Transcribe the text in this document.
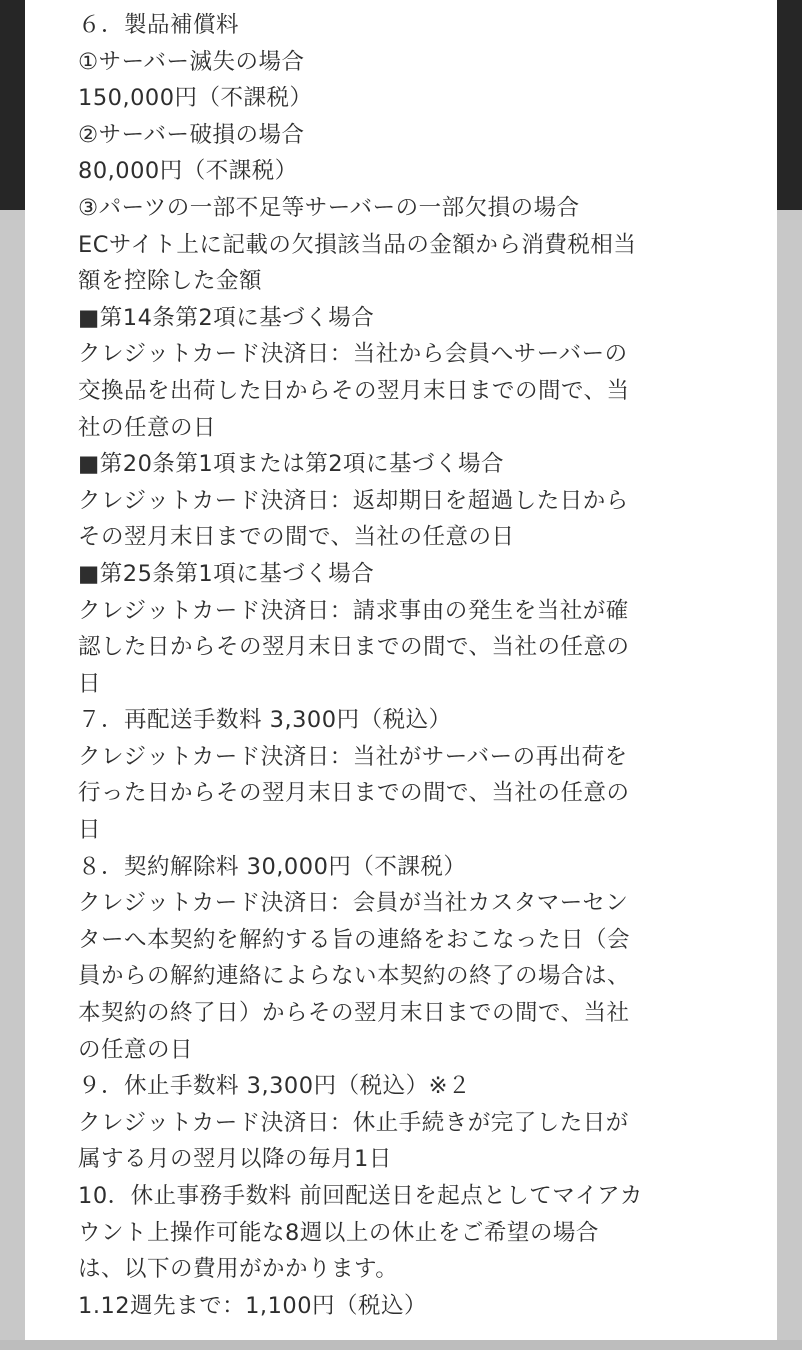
６．製品補償料
①サーバー滅失の場合
150,000円（不課税）
②サーバー破損の場合
80,000円（不課税）
③パーツの一部不足等サーバーの一部欠損の場合
ECサイト上に記載の欠損該当品の金額から消費税相当
額を控除した金額
■第14条第2項に基づく場合
クレジットカード決済日：当社から会員へサーバーの
交換品を出荷した日からその翌月末日までの間で、当
社の任意の日
■第20条第1項または第2項に基づく場合
クレジットカード決済日：返却期日を超過した日から
その翌月末日までの間で、当社の任意の日
■第25条第1項に基づく場合
クレジットカード決済日：請求事由の発生を当社が確
認した日からその翌月末日までの間で、当社の任意の
日
７．再配送手数料 3,300円（税込）
クレジットカード決済日：当社がサーバーの再出荷を
行った日からその翌月末日までの間で、当社の任意の
日
８．契約解除料 30,000円（不課税）
クレジットカード決済日：会員が当社カスタマーセン
ターへ本契約を解約する旨の連絡をおこなった日（会
員からの解約連絡によらない本契約の終了の場合は、
本契約の終了日）からその翌月末日までの間で、当社
の任意の日
９．休止手数料 3,300円（税込）※２
クレジットカード決済日：休止手続きが完了した日が
属する月の翌月以降の毎月1日
10．休止事務手数料 前回配送日を起点としてマイアカ
ウント上操作可能な8週以上の休止をご希望の場合
は、以下の費用がかかります。
1.12週先まで：1,100円（税込）
